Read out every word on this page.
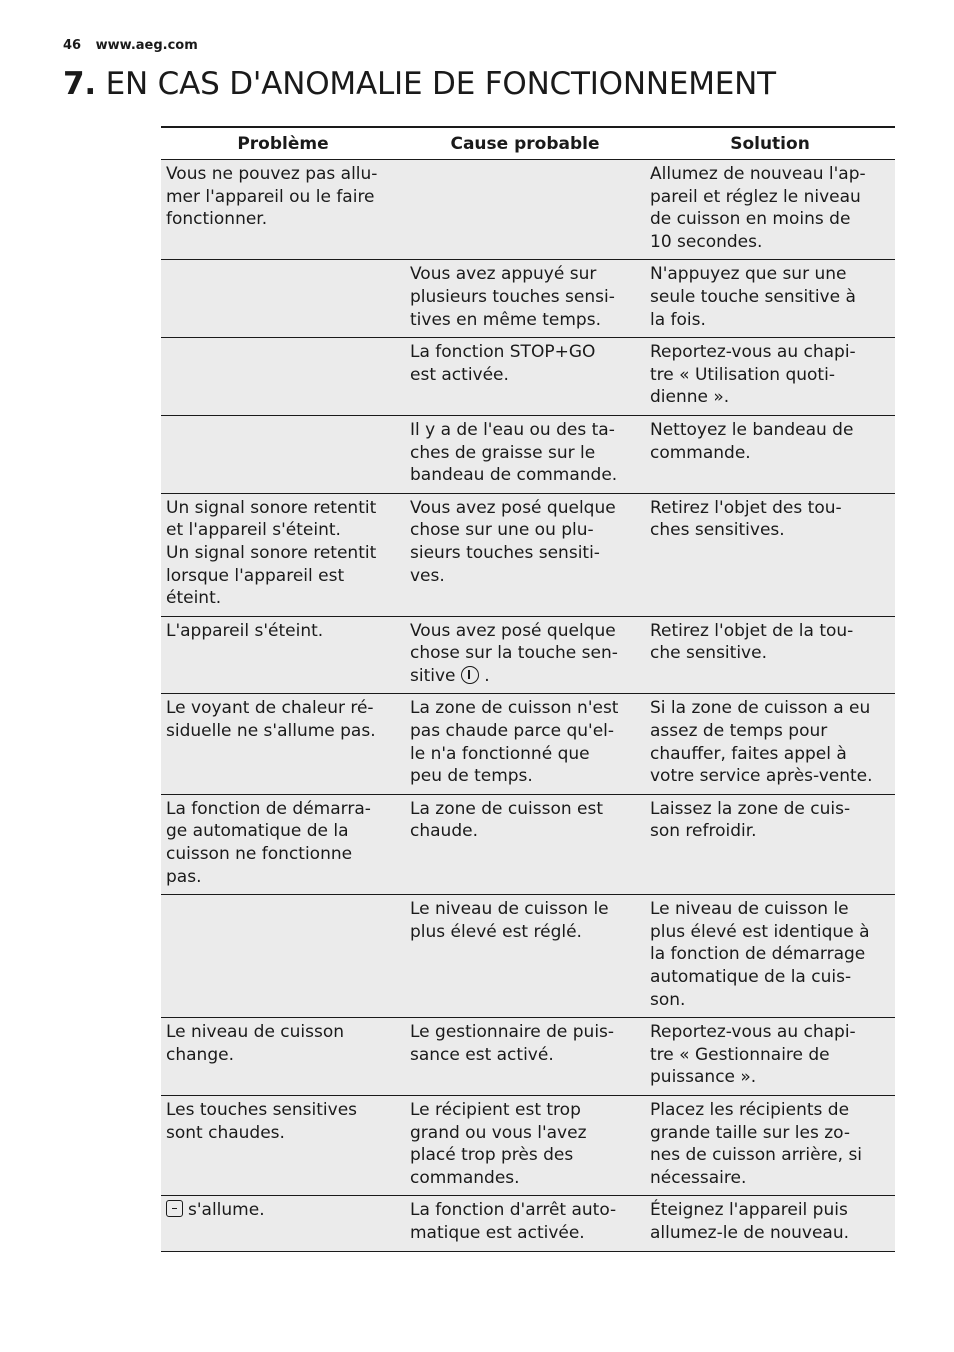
46 www.aeg.com
7. EN CAS D'ANOMALIE DE FONCTIONNEMENT
Problème	Cause probable	Solution
Vous ne pouvez pas allu-
mer l'appareil ou le faire
fonctionner.		Allumez de nouveau l'ap-
pareil et réglez le niveau
de cuisson en moins de
10 secondes.
	Vous avez appuyé sur
plusieurs touches sensi-
tives en même temps.	N'appuyez que sur une
seule touche sensitive à
la fois.
	La fonction STOP+GO
est activée.	Reportez-vous au chapi-
tre « Utilisation quoti-
dienne ».
	Il y a de l'eau ou des ta-
ches de graisse sur le
bandeau de commande.	Nettoyez le bandeau de
commande.
Un signal sonore retentit
et l'appareil s'éteint.
Un signal sonore retentit
lorsque l'appareil est
éteint.	Vous avez posé quelque
chose sur une ou plu-
sieurs touches sensiti-
ves.	Retirez l'objet des tou-
ches sensitives.
L'appareil s'éteint.	Vous avez posé quelque
chose sur la touche sen-
sitive  .	Retirez l'objet de la tou-
che sensitive.
Le voyant de chaleur ré-
siduelle ne s'allume pas.	La zone de cuisson n'est
pas chaude parce qu'el-
le n'a fonctionné que
peu de temps.	Si la zone de cuisson a eu
assez de temps pour
chauffer, faites appel à
votre service après-vente.
La fonction de démarra-
ge automatique de la
cuisson ne fonctionne
pas.	La zone de cuisson est
chaude.	Laissez la zone de cuis-
son refroidir.
	Le niveau de cuisson le
plus élevé est réglé.	Le niveau de cuisson le
plus élevé est identique à
la fonction de démarrage
automatique de la cuis-
son.
Le niveau de cuisson
change.	Le gestionnaire de puis-
sance est activé.	Reportez-vous au chapi-
tre « Gestionnaire de
puissance ».
Les touches sensitives
sont chaudes.	Le récipient est trop
grand ou vous l'avez
placé trop près des
commandes.	Placez les récipients de
grande taille sur les zo-
nes de cuisson arrière, si
nécessaire.
s'allume.	La fonction d'arrêt auto-
matique est activée.	Éteignez l'appareil puis
allumez-le de nouveau.
